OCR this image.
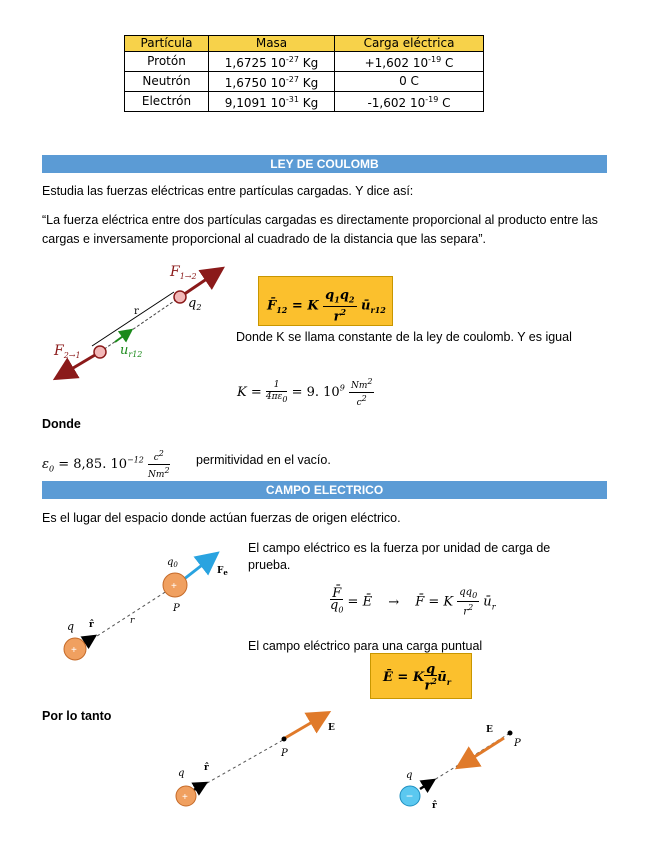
Partícula	Masa	Carga eléctrica
Protón	1,6725 $10^{-27}$ Kg	+1,602 $10^{-19}$ C
Neutrón	1,6750 $10^{-27}$ Kg	0 C
Electrón	9,1091 $10^{-31}$ Kg	-1,602 $10^{-19}$ C
LEY DE COULOMB
Estudia las fuerzas eléctricas entre partículas cargadas. Y dice así:
“La fuerza eléctrica entre dos partículas cargadas es directamente proporcional al producto entre las cargas e inversamente proporcional al cuadrado de la distancia que las separa”.
$F_{1\to 2}$
$q_2$
r
$F_{2\to 1}$	$u_{r12}$
$F̄_{12} = K \frac{q_1q_2}{r^2}$ $ū_{r12}$
Donde K se llama constante de la ley de coulomb. Y es igual
$K = \frac{1}{4\pi\varepsilon_0} = 9$. $10^9 \frac{Nm^2}{c^2}$
Donde
$\varepsilon_0 = 8,85$. $10^{-12} \frac{c^2}{Nm^2}$ permitividad en el vacío.
CAMPO ELECTRICO
Es el lugar del espacio donde actúan fuerzas de origen eléctrico.
+
+
q r̂	r
$q_0$
$F_e$
P
El campo eléctrico es la fuerza por unidad de carga de prueba.
$\frac{F̄}{q_0}$ = Ē → F̄ = K $\frac{qq_0}{r^2}$ $ū_r$
El campo eléctrico para una carga puntual
Ē = K $\frac{q}{r^2}$ $ū_r$
Por lo tanto
+
q r̂
E
P
−
q
r̂
E
P
